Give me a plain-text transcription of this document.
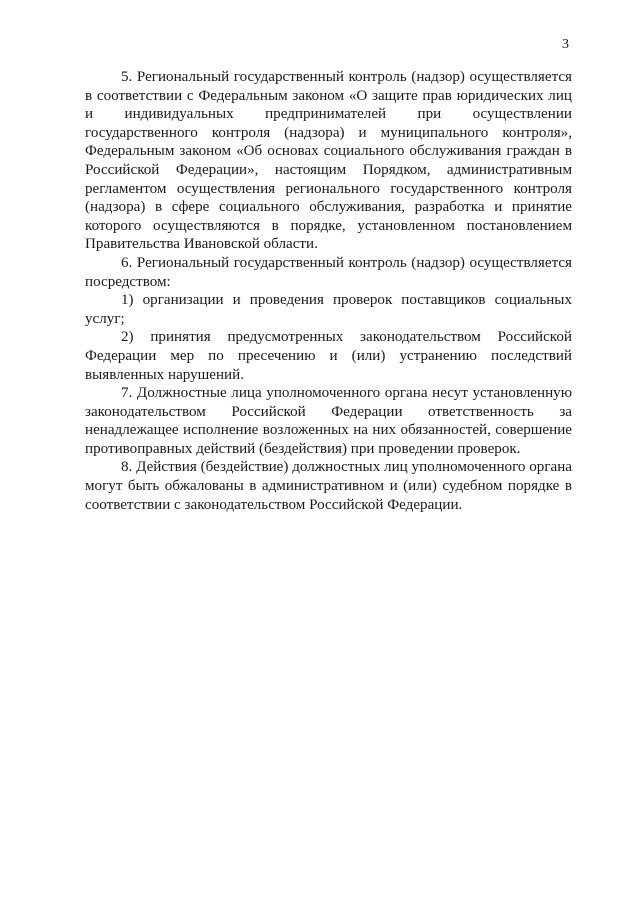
3

5. Региональный государственный контроль (надзор) осуществляется в соответствии с Федеральным законом «О защите прав юридических лиц и индивидуальных предпринимателей при осуществлении государственного контроля (надзора) и муниципального контроля», Федеральным законом «Об основах социального обслуживания граждан в Российской Федерации», настоящим Порядком, административным регламентом осуществления регионального государственного контроля (надзора) в сфере социального обслуживания, разработка и принятие которого осуществляются в порядке, установленном постановлением Правительства Ивановской области.

6. Региональный государственный контроль (надзор) осуществляется посредством:

1) организации и проведения проверок поставщиков социальных услуг;

2) принятия предусмотренных законодательством Российской Федерации мер по пресечению и (или) устранению последствий выявленных нарушений.

7. Должностные лица уполномоченного органа несут установленную законодательством Российской Федерации ответственность за ненадлежащее исполнение возложенных на них обязанностей, совершение противоправных действий (бездействия) при проведении проверок.

8. Действия (бездействие) должностных лиц уполномоченного органа могут быть обжалованы в административном и (или) судебном порядке в соответствии с законодательством Российской Федерации.
